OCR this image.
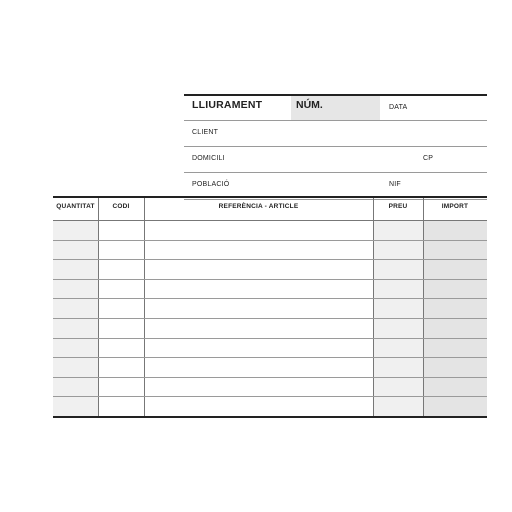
LLIURAMENT	NÚM.	DATA
CLIENT
DOMICILI	CP
POBLACIÓ	NIF
QUANTITAT	CODI	REFERÈNCIA - ARTICLE	PREU	IMPORT
